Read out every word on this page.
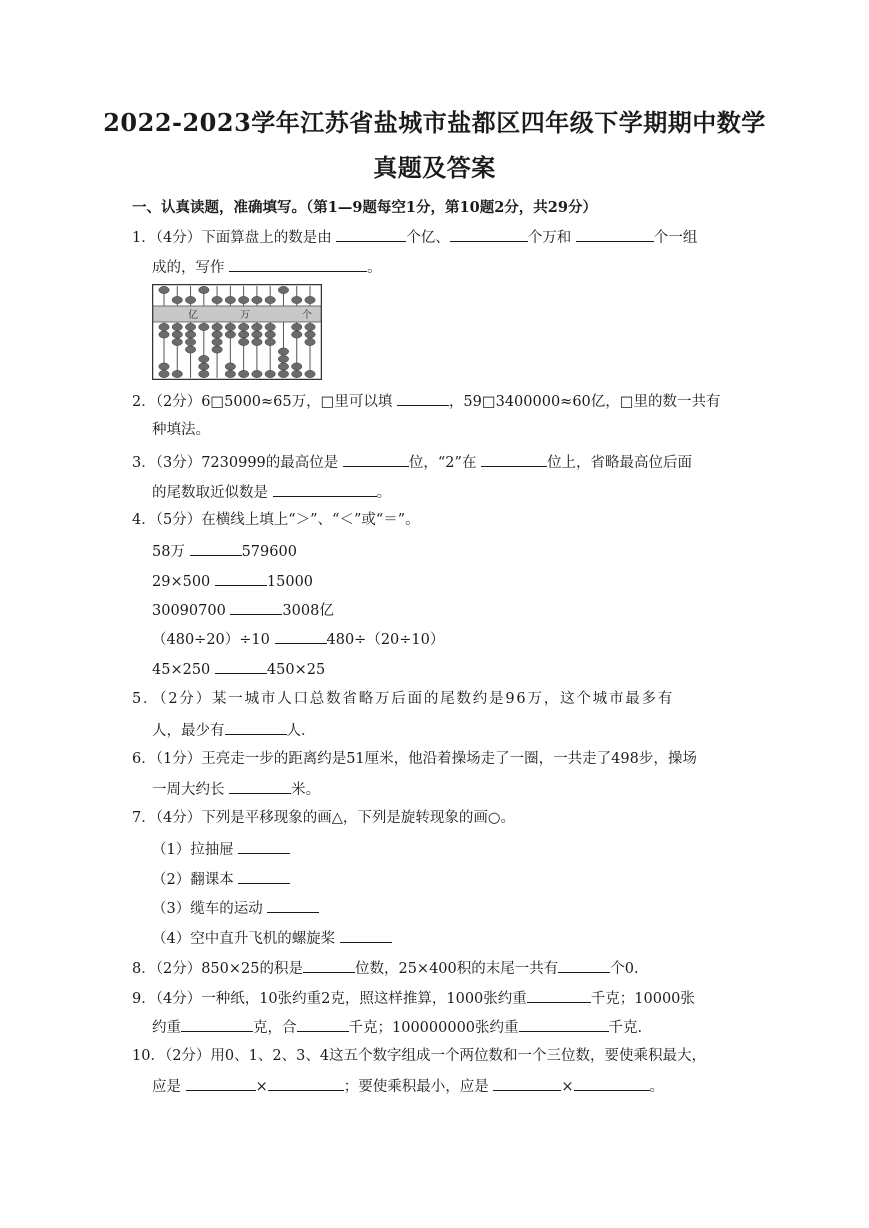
2022-2023学年江苏省盐城市盐都区四年级下学期期中数学
真题及答案
一、认真读题，准确填写。（第1—9题每空1分，第10题2分，共29分）
1．（4分）下面算盘上的数是由	个亿、	个万和	个一组
成的，写作	。
亿	万	个
2．（2分）6□5000≈65万，□里可以填	，59□3400000≈60亿，□里的数一共有
种填法。
3．（3分）7230999的最高位是	位，“2”在	位上，省略最高位后面
的尾数取近似数是	。
4．（5分）在横线上填上“＞”、“＜”或“＝”。
58万	579600
29×500	15000
30090700	3008亿
（480÷20）÷10	480÷（20÷10）
45×250	450×25
5．（2分）某一城市人口总数省略万后面的尾数约是96万，这个城市最多有
人，最少有	人．
6．（1分）王亮走一步的距离约是51厘米，他沿着操场走了一圈，一共走了498步，操场
一周大约长	米。
7．（4分）下列是平移现象的画△，下列是旋转现象的画○。
（1）拉抽屉
（2）翻课本
（3）缆车的运动
（4）空中直升飞机的螺旋桨
8．（2分）850×25的积是	位数，25×400积的末尾一共有	个0.
9．（4分）一种纸，10张约重2克，照这样推算，1000张约重	千克；10000张
约重	克，合	千克；100000000张约重	千克.
10．（2分）用0、1、2、3、4这五个数字组成一个两位数和一个三位数，要使乘积最大，
应是	×	；要使乘积最小，应是	×	。
